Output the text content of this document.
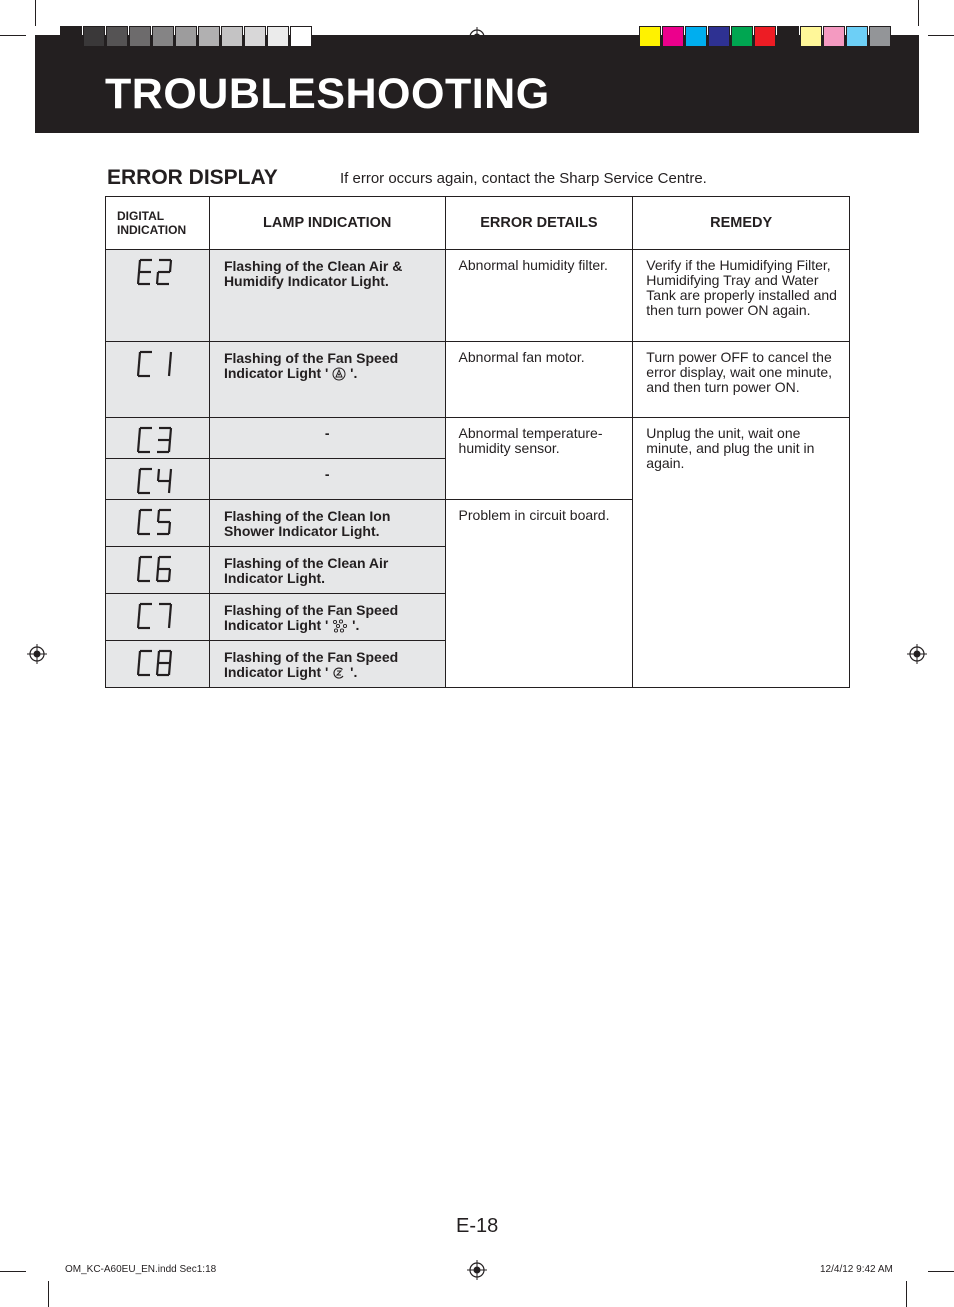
TROUBLESHOOTING
ERROR DISPLAY	If error occurs again, contact the Sharp Service Centre.
DIGITAL INDICATION	LAMP INDICATION	ERROR DETAILS	REMEDY
	Flashing of the Clean Air & Humidify Indicator Light.	Abnormal humidity filter.	Verify if the Humidifying Filter, Humidifying Tray and Water Tank are properly installed and then turn power ON again.
	Flashing of the Fan Speed Indicator Light '  '.	Abnormal fan motor.	Turn power OFF to cancel the error display, wait one minute, and then turn power ON.
	-	Abnormal temperature-humidity sensor.	Unplug the unit, wait one minute, and plug the unit in again.
	-		
	Flashing of the Clean Ion Shower Indicator Light.	Problem in circuit board.	
	Flashing of the Clean Air Indicator Light.		
	Flashing of the Fan Speed Indicator Light '  '.		
	Flashing of the Fan Speed Indicator Light '  '.		
E-18
OM_KC-A60EU_EN.indd Sec1:18	12/4/12 9:42 AM
